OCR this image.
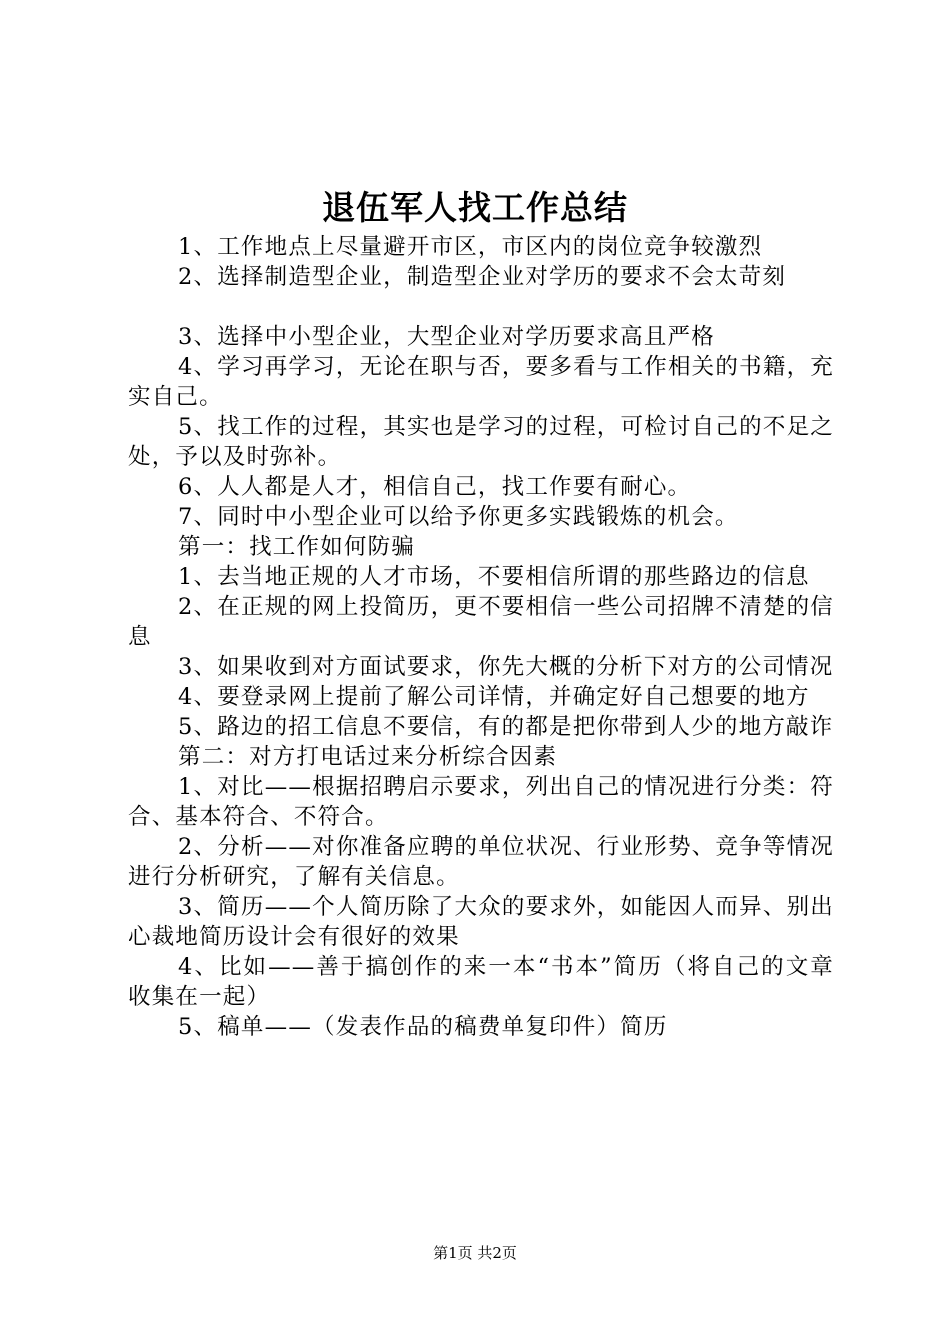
退伍军人找工作总结

1、工作地点上尽量避开市区，市区内的岗位竞争较激烈

2、选择制造型企业，制造型企业对学历的要求不会太苛刻

3、选择中小型企业，大型企业对学历要求高且严格

4、学习再学习，无论在职与否，要多看与工作相关的书籍，充实自己。

5、找工作的过程，其实也是学习的过程，可检讨自己的不足之处，予以及时弥补。

6、人人都是人才，相信自己，找工作要有耐心。

7、同时中小型企业可以给予你更多实践锻炼的机会。

第一：找工作如何防骗

1、去当地正规的人才市场，不要相信所谓的那些路边的信息

2、在正规的网上投简历，更不要相信一些公司招牌不清楚的信息

3、如果收到对方面试要求，你先大概的分析下对方的公司情况

4、要登录网上提前了解公司详情，并确定好自己想要的地方

5、路边的招工信息不要信，有的都是把你带到人少的地方敲诈

第二：对方打电话过来分析综合因素

1、对比——根据招聘启示要求，列出自己的情况进行分类：符合、基本符合、不符合。

2、分析——对你准备应聘的单位状况、行业形势、竞争等情况进行分析研究，了解有关信息。

3、简历——个人简历除了大众的要求外，如能因人而异、别出心裁地简历设计会有很好的效果

4、比如——善于搞创作的来一本“书本”简历（将自己的文章收集在一起）

5、稿单——（发表作品的稿费单复印件）简历

第1页 共2页
